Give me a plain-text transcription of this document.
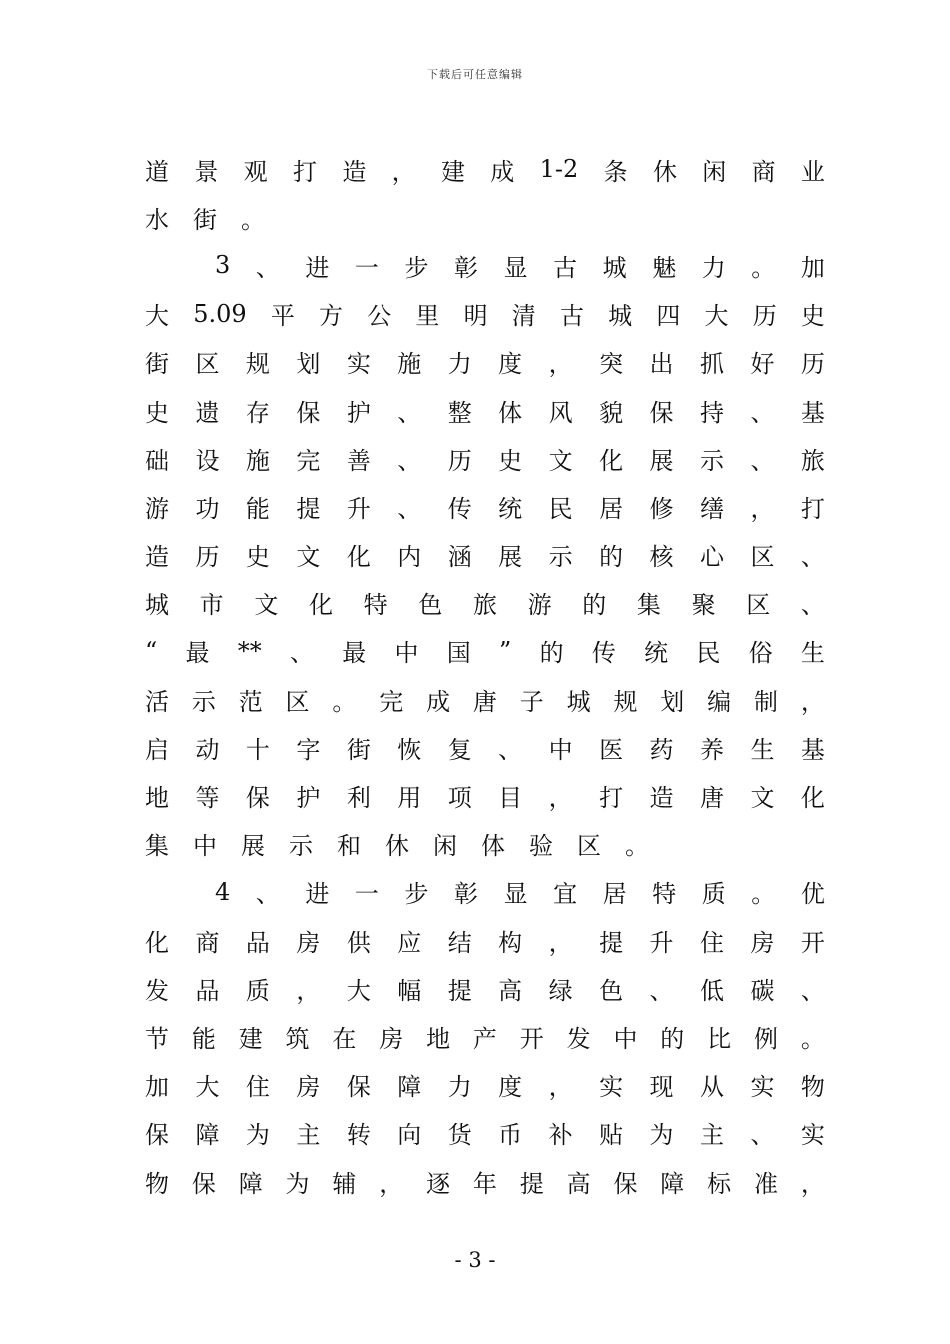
下载后可任意编辑
道 景 观 打 造 ， 建 成 1-2 条 休 闲 商 业
水 街 。
3 、 进 一 步 彰 显 古 城 魅 力 。 加
大 5.09 平 方 公 里 明 清 古 城 四 大 历 史
街 区 规 划 实 施 力 度 ， 突 出 抓 好 历
史 遗 存 保 护 、 整 体 风 貌 保 持 、 基
础 设 施 完 善 、 历 史 文 化 展 示 、 旅
游 功 能 提 升 、 传 统 民 居 修 缮 ， 打
造 历 史 文 化 内 涵 展 示 的 核 心 区 、
城 市 文 化 特 色 旅 游 的 集 聚 区 、
“ 最 ** 、 最 中 国 ” 的 传 统 民 俗 生
活 示 范 区 。 完 成 唐 子 城 规 划 编 制 ，
启 动 十 字 街 恢 复 、 中 医 药 养 生 基
地 等 保 护 利 用 项 目 ， 打 造 唐 文 化
集 中 展 示 和 休 闲 体 验 区 。
4 、 进 一 步 彰 显 宜 居 特 质 。 优
化 商 品 房 供 应 结 构 ， 提 升 住 房 开
发 品 质 ， 大 幅 提 高 绿 色 、 低 碳 、
节 能 建 筑 在 房 地 产 开 发 中 的 比 例 。
加 大 住 房 保 障 力 度 ， 实 现 从 实 物
保 障 为 主 转 向 货 币 补 贴 为 主 、 实
物 保 障 为 辅 ， 逐 年 提 高 保 障 标 准 ，
- 3 -
